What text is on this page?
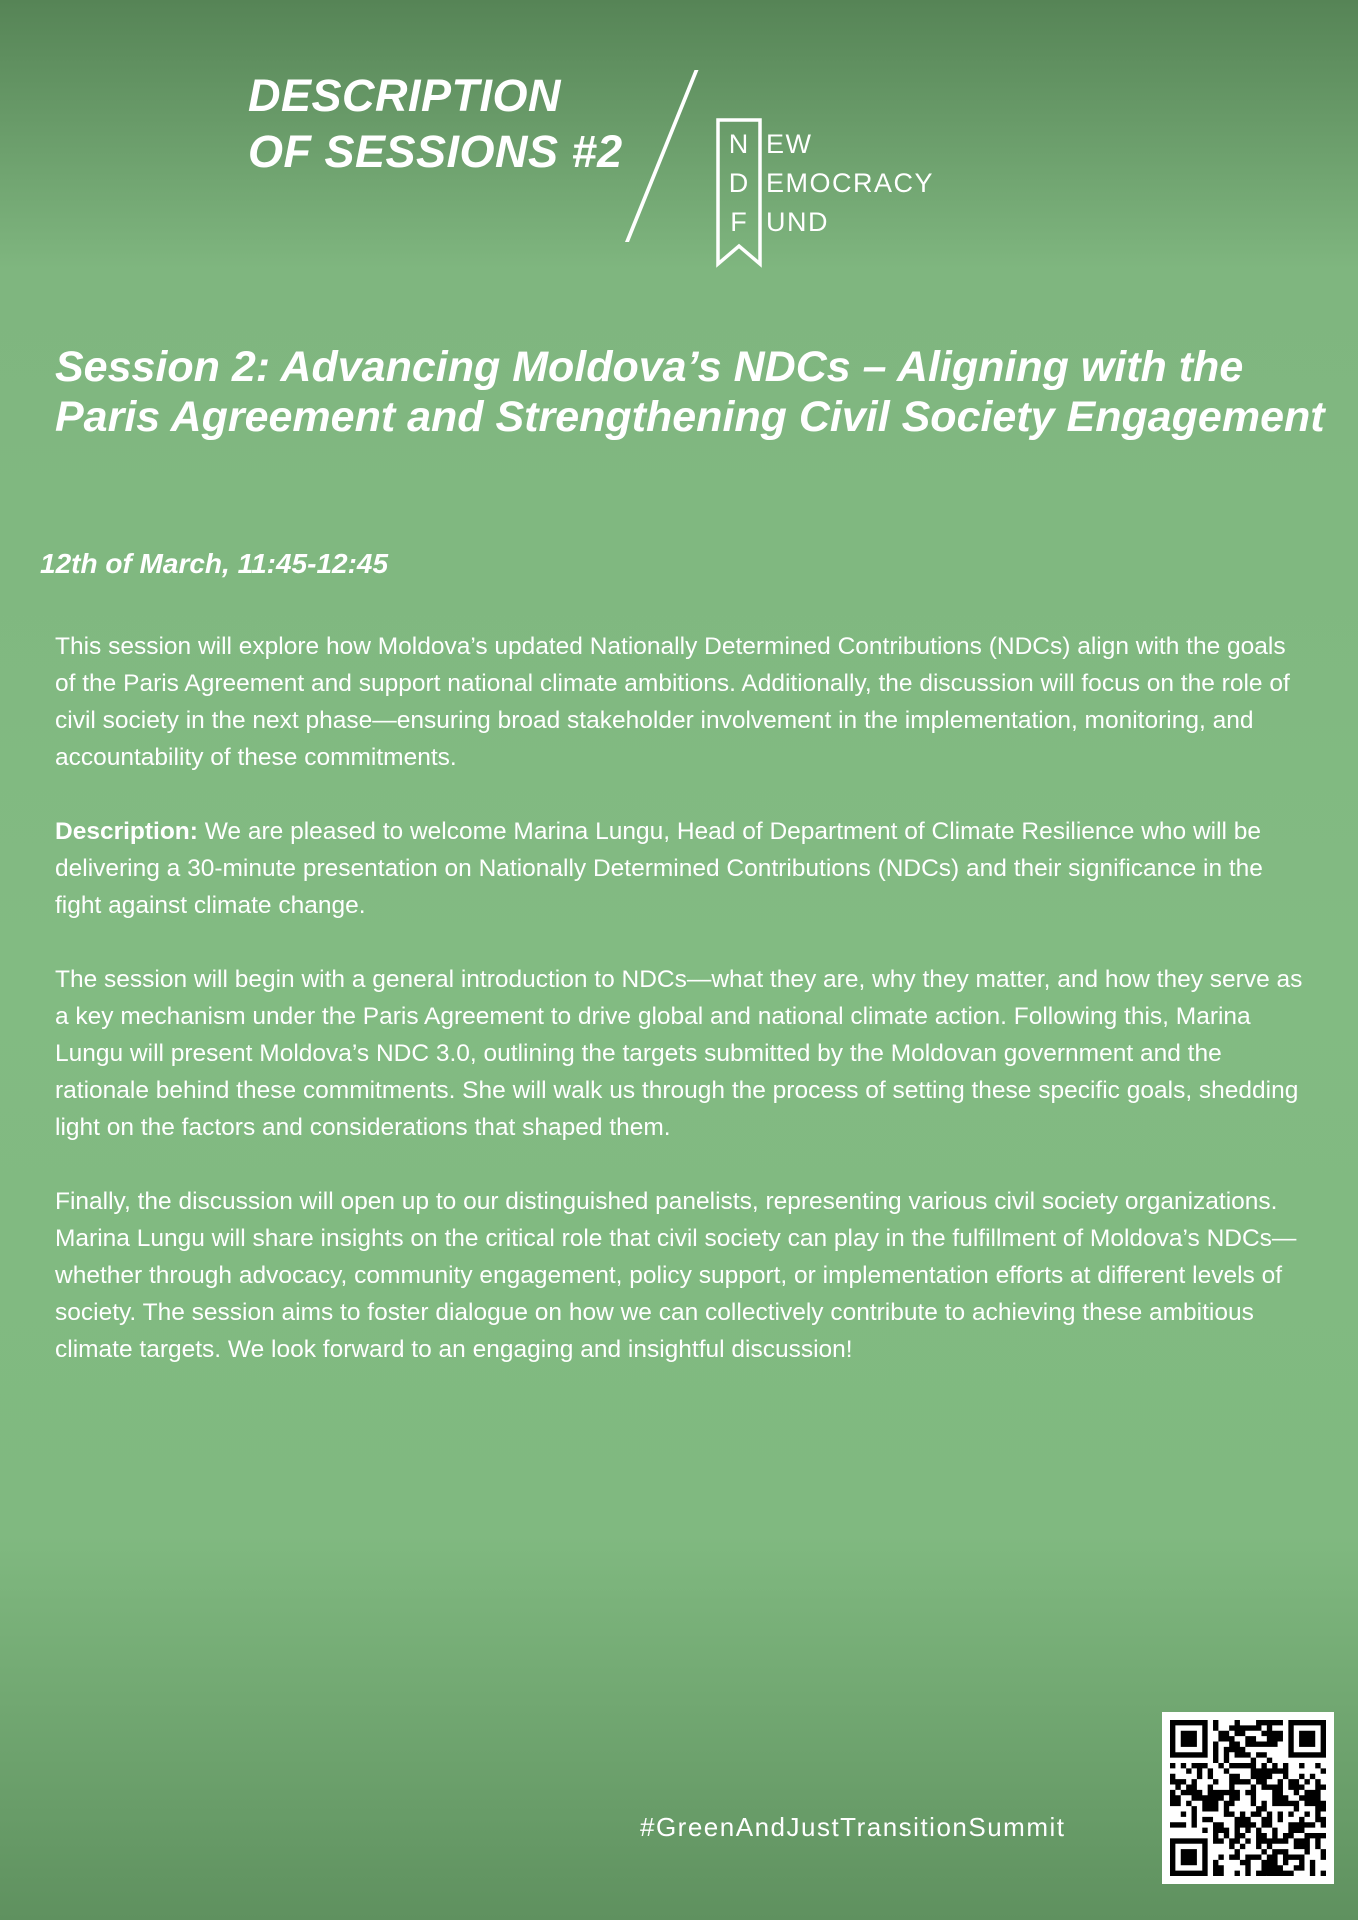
DESCRIPTION
OF SESSIONS #2	N
D
F
EW
EMOCRACY
UND
Session 2: Advancing Moldova’s NDCs – Aligning with the Paris Agreement and Strengthening Civil Society Engagement
12th of March, 11:45-12:45

This session will explore how Moldova’s updated Nationally Determined Contributions (NDCs) align with the goals of the Paris Agreement and support national climate ambitions. Additionally, the discussion will focus on the role of civil society in the next phase—ensuring broad stakeholder involvement in the implementation, monitoring, and accountability of these commitments.

Description: We are pleased to welcome Marina Lungu, Head of Department of Climate Resilience who will be delivering a 30-minute presentation on Nationally Determined Contributions (NDCs) and their significance in the fight against climate change.

The session will begin with a general introduction to NDCs—what they are, why they matter, and how they serve as a key mechanism under the Paris Agreement to drive global and national climate action. Following this, Marina Lungu will present Moldova’s NDC 3.0, outlining the targets submitted by the Moldovan government and the rationale behind these commitments. She will walk us through the process of setting these specific goals, shedding light on the factors and considerations that shaped them.

Finally, the discussion will open up to our distinguished panelists, representing various civil society organizations. Marina Lungu will share insights on the critical role that civil society can play in the fulfillment of Moldova’s NDCs—whether through advocacy, community engagement, policy support, or implementation efforts at different levels of society. The session aims to foster dialogue on how we can collectively contribute to achieving these ambitious climate targets. We look forward to an engaging and insightful discussion!

#GreenAndJustTransitionSummit
